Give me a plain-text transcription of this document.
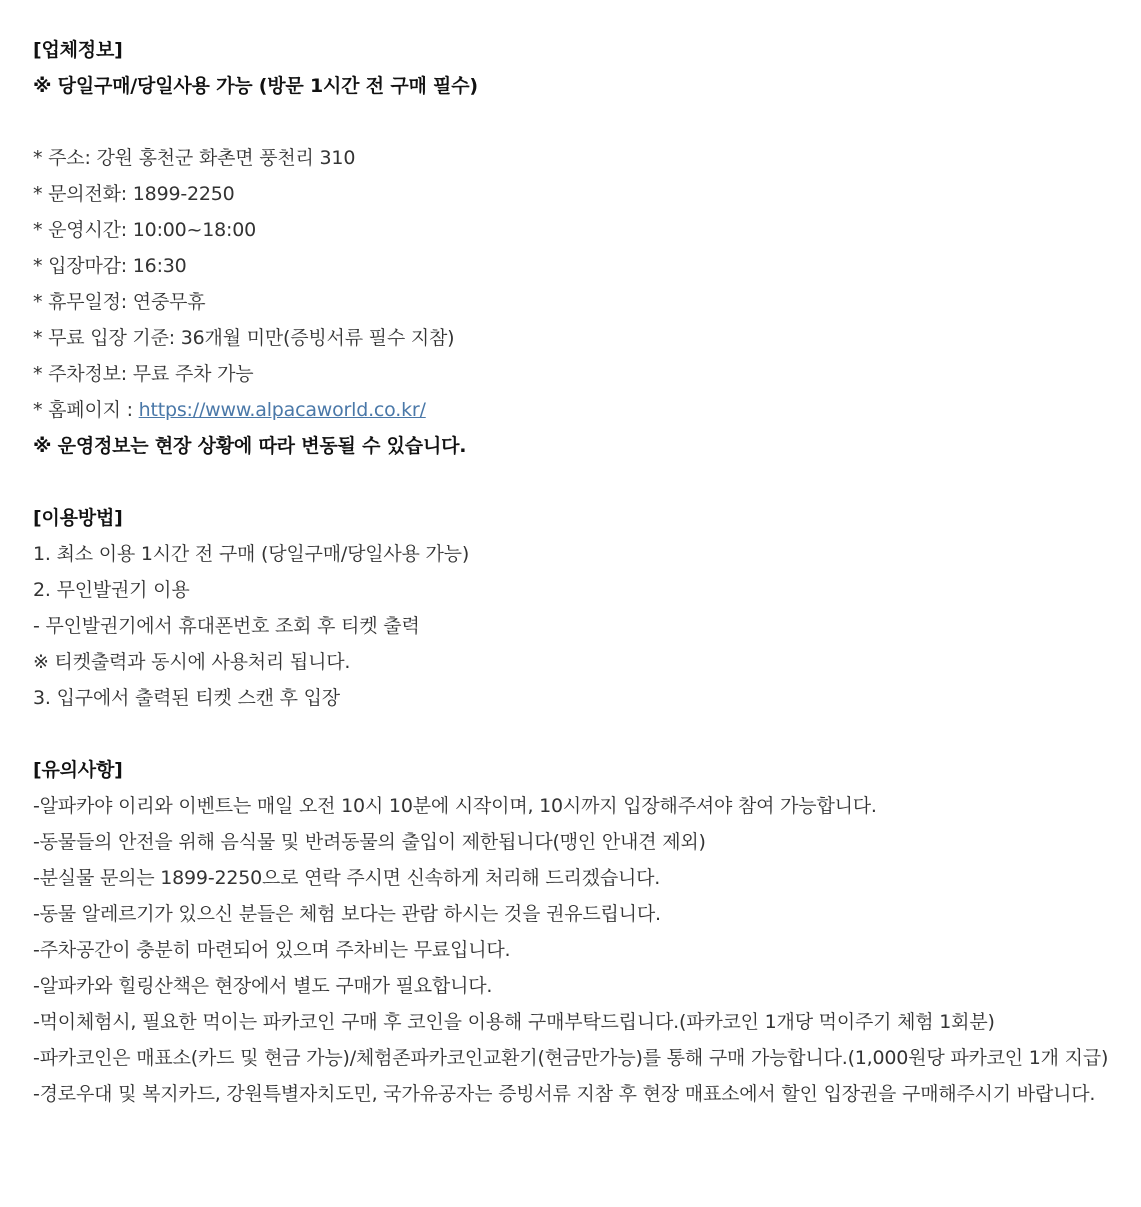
[업체정보]
※ 당일구매/당일사용 가능 (방문 1시간 전 구매 필수)
* 주소: 강원 홍천군 화촌면 풍천리 310
* 문의전화: 1899-2250
* 운영시간: 10:00~18:00
* 입장마감: 16:30
* 휴무일정: 연중무휴
* 무료 입장 기준: 36개월 미만(증빙서류 필수 지참)
* 주차정보: 무료 주차 가능
* 홈페이지 : https://www.alpacaworld.co.kr/
※ 운영정보는 현장 상황에 따라 변동될 수 있습니다.
[이용방법]
1. 최소 이용 1시간 전 구매 (당일구매/당일사용 가능)
2. 무인발권기 이용
- 무인발권기에서 휴대폰번호 조회 후 티켓 출력
※ 티켓출력과 동시에 사용처리 됩니다.
3. 입구에서 출력된 티켓 스캔 후 입장
[유의사항]
-알파카야 이리와 이벤트는 매일 오전 10시 10분에 시작이며, 10시까지 입장해주셔야 참여 가능합니다.
-동물들의 안전을 위해 음식물 및 반려동물의 출입이 제한됩니다(맹인 안내견 제외)
-분실물 문의는 1899-2250으로 연락 주시면 신속하게 처리해 드리겠습니다.
-동물 알레르기가 있으신 분들은 체험 보다는 관람 하시는 것을 권유드립니다.
-주차공간이 충분히 마련되어 있으며 주차비는 무료입니다.
-알파카와 힐링산책은 현장에서 별도 구매가 필요합니다.
-먹이체험시, 필요한 먹이는 파카코인 구매 후 코인을 이용해 구매부탁드립니다.(파카코인 1개당 먹이주기 체험 1회분)
-파카코인은 매표소(카드 및 현금 가능)/체험존파카코인교환기(현금만가능)를 통해 구매 가능합니다.(1,000원당 파카코인 1개 지급)
-경로우대 및 복지카드, 강원특별자치도민, 국가유공자는 증빙서류 지참 후 현장 매표소에서 할인 입장권을 구매해주시기 바랍니다.
